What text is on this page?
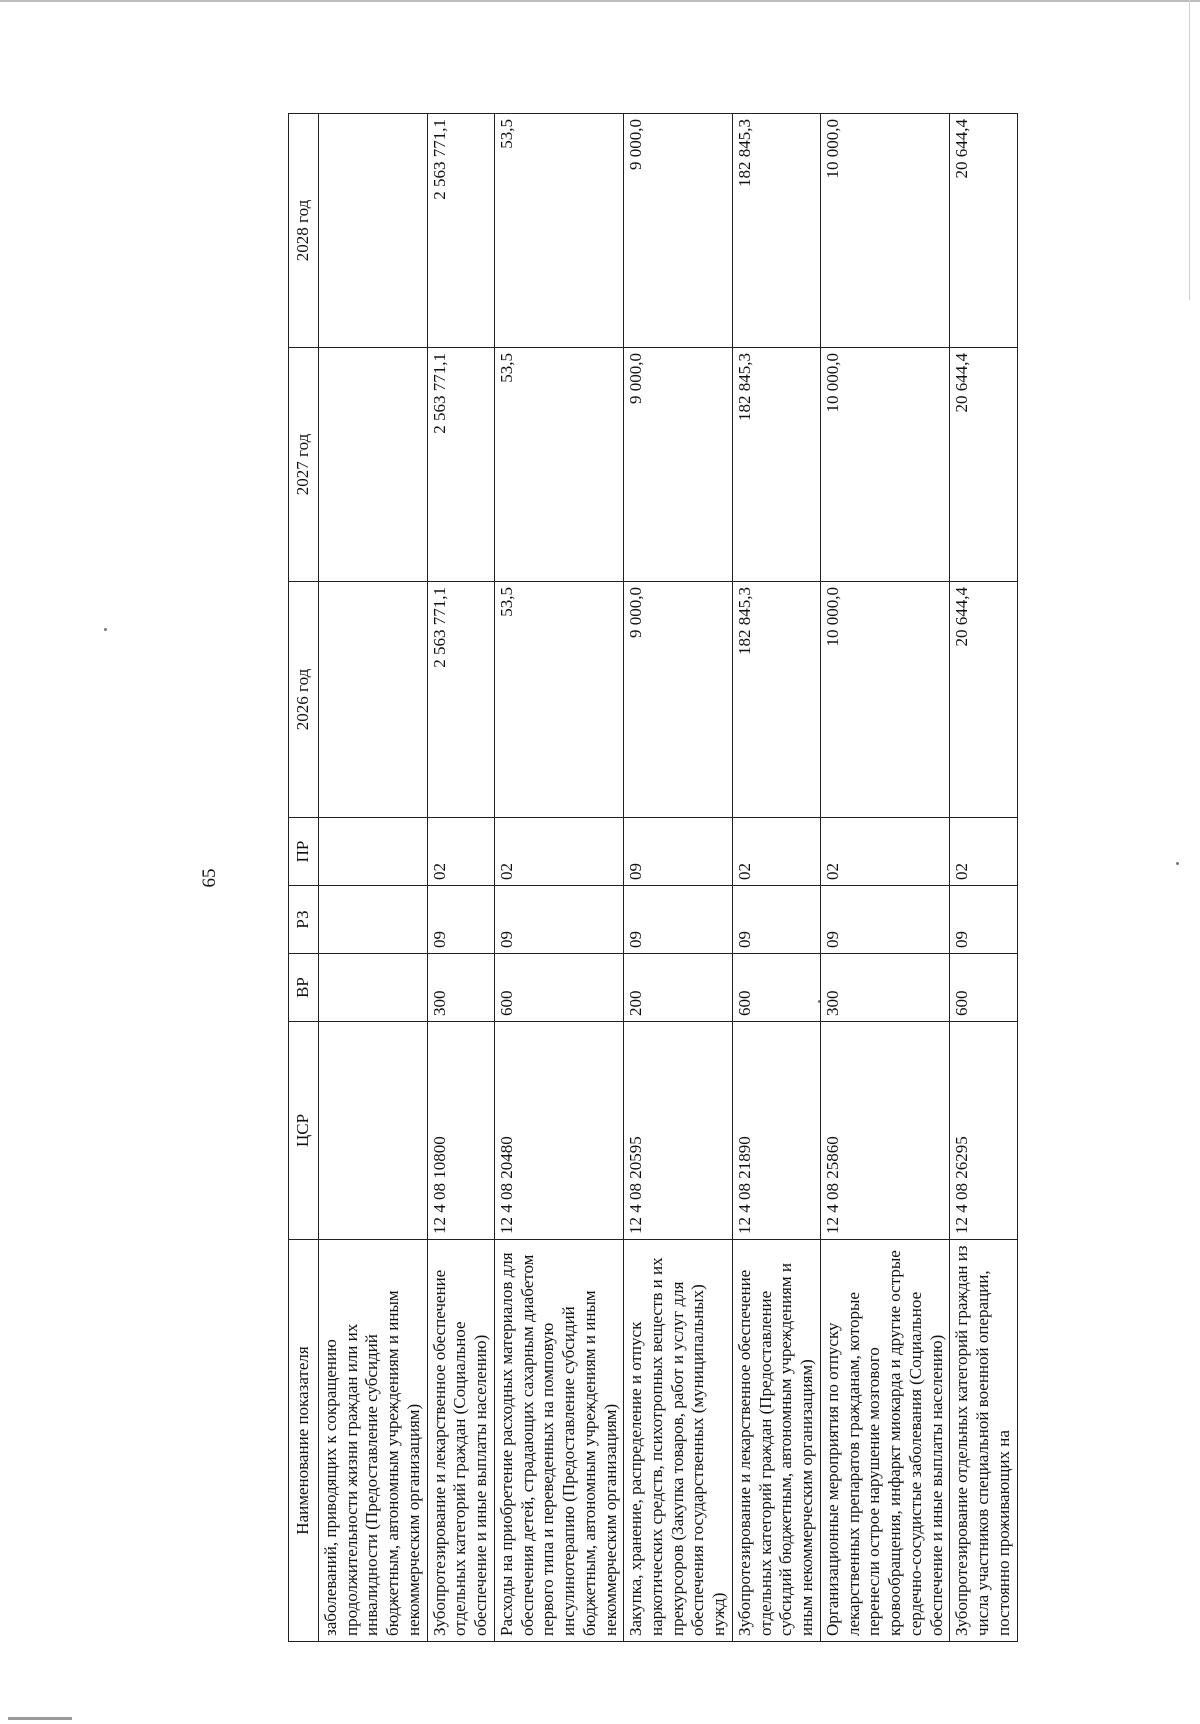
65
Наименование показателя	ЦСР	ВР	РЗ	ПР	2026 год	2027 год	2028 год
заболеваний, приводящих к сокращению продолжительности жизни граждан или их инвалидности (Предоставление субсидий бюджетным, автономным учреждениям и иным некоммерческим организациям)							
Зубопротезирование и лекарственное обеспечение отдельных категорий граждан (Социальное обеспечение и иные выплаты населению)	12 4 08 10800	300	09	02	2 563 771,1	2 563 771,1	2 563 771,1
Расходы на приобретение расходных материалов для обеспечения детей, страдающих сахарным диабетом первого типа и переведенных на помповую инсулинотерапию (Предоставление субсидий бюджетным, автономным учреждениям и иным некоммерческим организациям)	12 4 08 20480	600	09	02	53,5	53,5	53,5
Закупка, хранение, распределение и отпуск наркотических средств, психотропных веществ и их прекурсоров (Закупка товаров, работ и услуг для обеспечения государственных (муниципальных) нужд)	12 4 08 20595	200	09	09	9 000,0	9 000,0	9 000,0
Зубопротезирование и лекарственное обеспечение отдельных категорий граждан (Предоставление субсидий бюджетным, автономным учреждениям и иным некоммерческим организациям)	12 4 08 21890	600	09	02	182 845,3	182 845,3	182 845,3
Организационные мероприятия по отпуску лекарственных препаратов гражданам, которые перенесли острое нарушение мозгового кровообращения, инфаркт миокарда и другие острые сердечно-сосудистые заболевания (Социальное обеспечение и иные выплаты населению)	12 4 08 25860	300	09	02	10 000,0	10 000,0	10 000,0
Зубопротезирование отдельных категорий граждан из числа участников специальной военной операции, постоянно проживающих на	12 4 08 26295	600	09	02	20 644,4	20 644,4	20 644,4
